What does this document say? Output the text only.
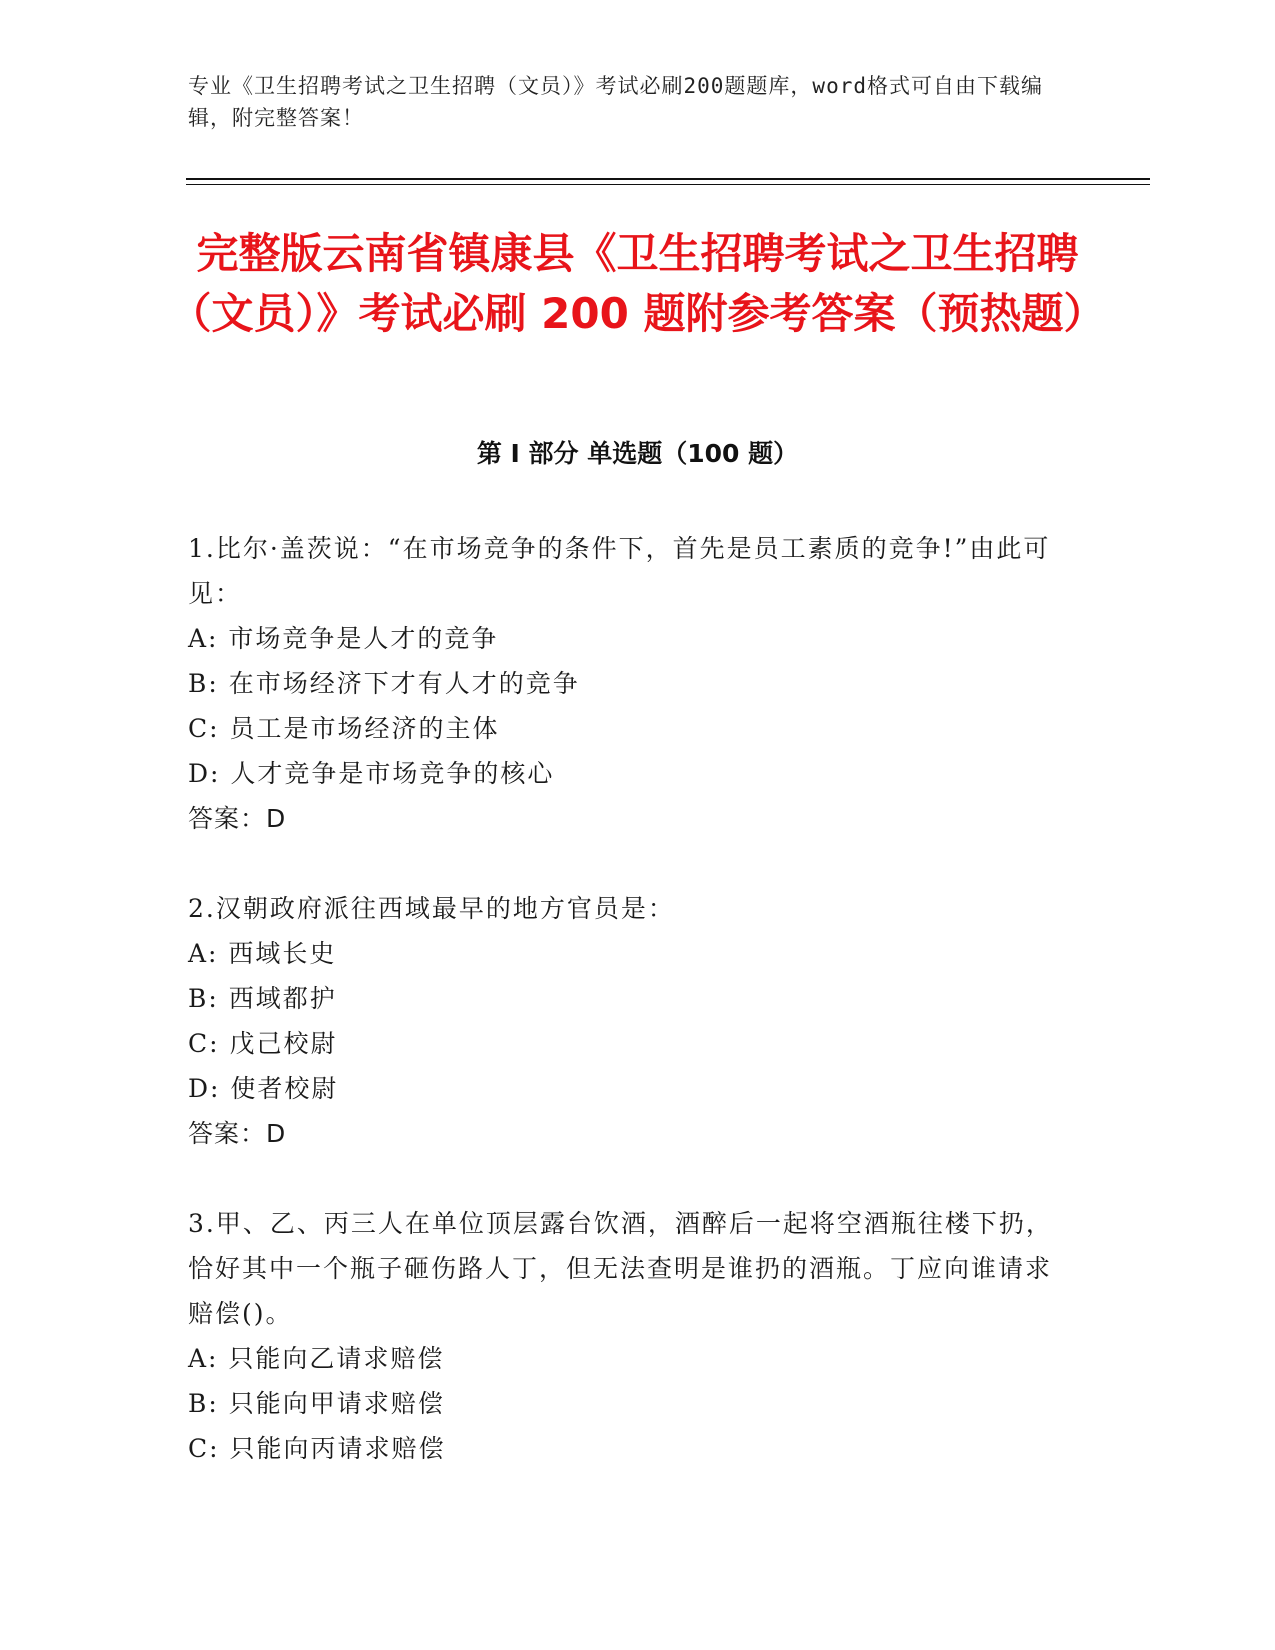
专业《卫生招聘考试之卫生招聘（文员）》考试必刷200题题库，word格式可自由下载编辑，附完整答案！
完整版云南省镇康县《卫生招聘考试之卫生招聘（文员）》考试必刷 200 题附参考答案（预热题）
第 I 部分 单选题（100 题）

1.比尔·盖茨说：“在市场竞争的条件下，首先是员工素质的竞争!”由此可见：

A: 市场竞争是人才的竞争
B: 在市场经济下才有人才的竞争
C: 员工是市场经济的主体
D: 人才竞争是市场竞争的核心

答案：D

2.汉朝政府派往西域最早的地方官员是：

A: 西域长史
B: 西域都护
C: 戊己校尉
D: 使者校尉

答案：D

3.甲、乙、丙三人在单位顶层露台饮酒，酒醉后一起将空酒瓶往楼下扔，恰好其中一个瓶子砸伤路人丁，但无法查明是谁扔的酒瓶。丁应向谁请求赔偿()。

A: 只能向乙请求赔偿
B: 只能向甲请求赔偿
C: 只能向丙请求赔偿
